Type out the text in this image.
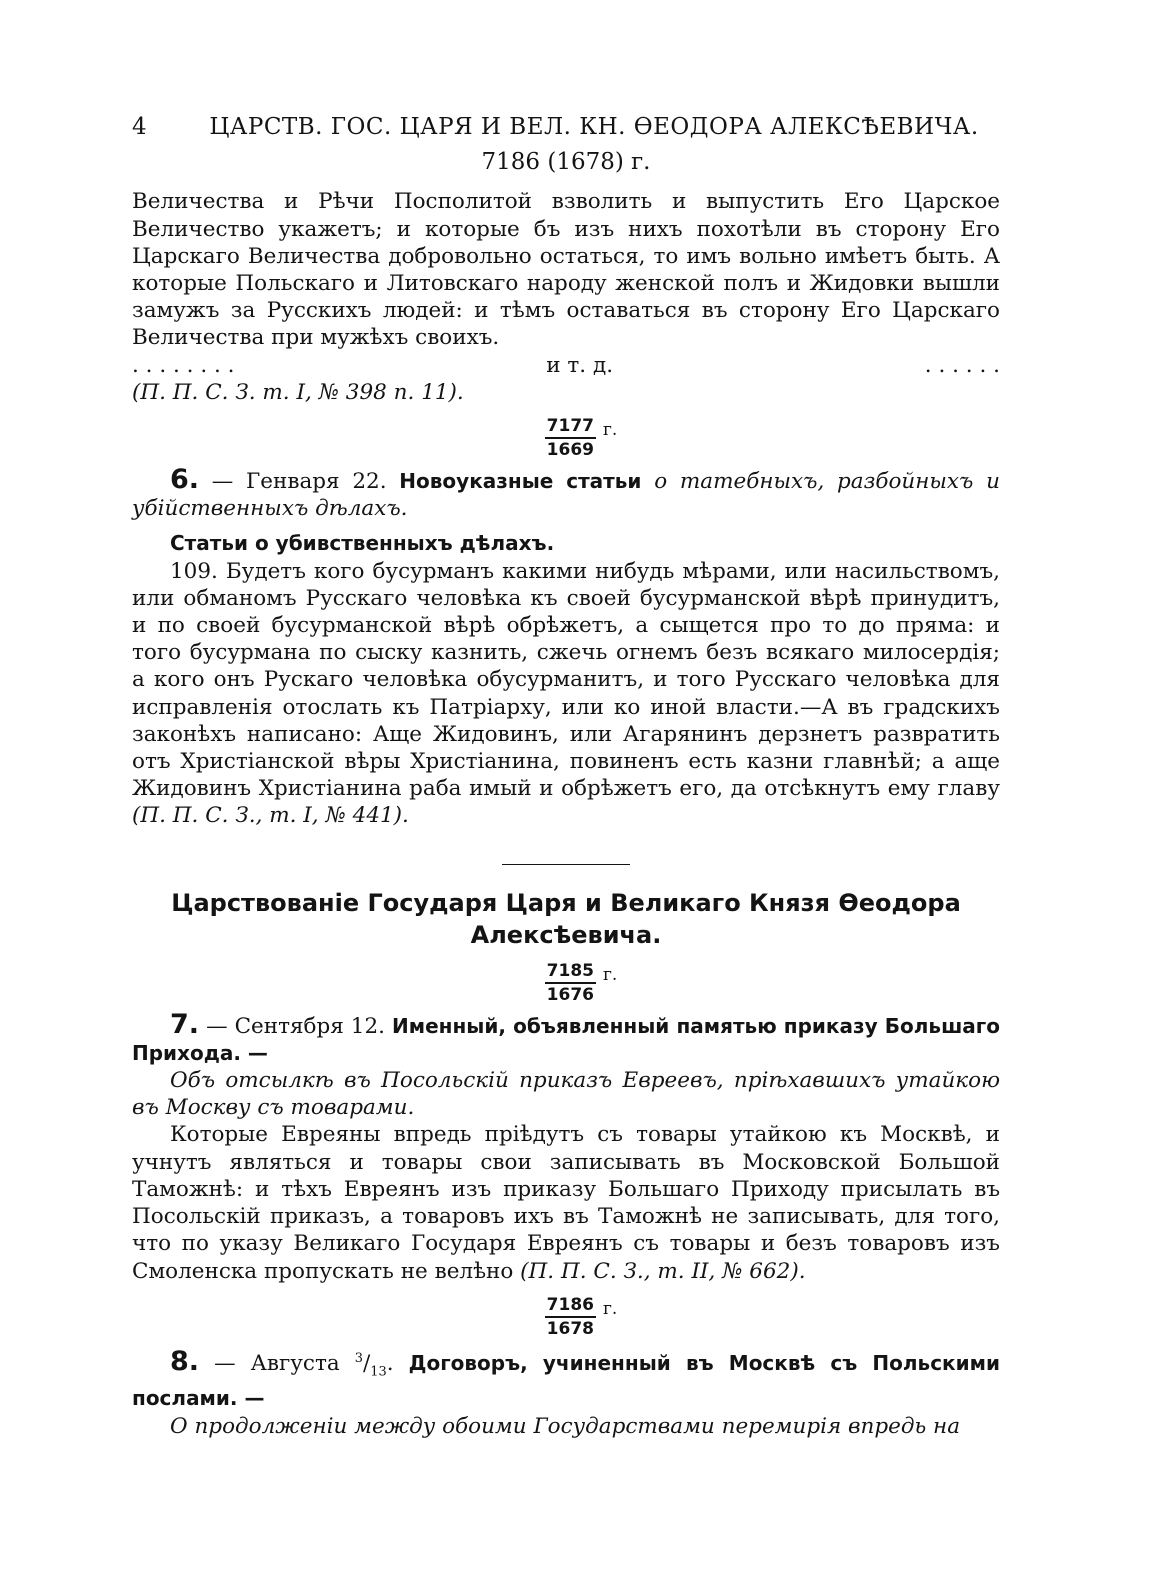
4	ЦАРСТВ. ГОС. ЦАРЯ И ВЕЛ. КН. ѲЕОДОРА АЛЕКСѢЕВИЧА.
7186 (1678) г.

Величества и Рѣчи Посполитой взволить и выпустить Его Царское Величество укажетъ; и которые бъ изъ нихъ похотѣли въ сторону Его Царскаго Величества добровольно остаться, то имъ вольно имѣетъ быть. А которые Польскаго и Литовскаго народу женской полъ и Жидовки вышли замужъ за Русскихъ людей: и тѣмъ оставаться въ сторону Его Царскаго Величества при мужѣхъ своихъ.

. . . . . . . .	и т. д.	. . . . . .

(П. П. С. З. т. I, № 398 п. 11).

$\frac{7177}{1669} г$.

6. — Генваря 22. Новоуказные статьи о татебныхъ, разбойныхъ и убійственныхъ дѣлахъ.

Статьи о убивственныхъ дѣлахъ.

109. Будетъ кого бусурманъ какими нибудь мѣрами, или насильствомъ, или обманомъ Русскаго человѣка къ своей бусурманской вѣрѣ принудитъ, и по своей бусурманской вѣрѣ обрѣжетъ, а сыщется про то до пряма: и того бусурмана по сыску казнить, сжечь огнемъ безъ всякаго милосердія; а кого онъ Рускаго человѣка обусурманитъ, и того Русскаго человѣка для исправленія отослать къ Патріарху, или ко иной власти.—А въ градскихъ законѣхъ написано: Аще Жидовинъ, или Агарянинъ дерзнетъ развратить отъ Христіанской вѣры Христіанина, повиненъ есть казни главнѣй; а аще Жидовинъ Христіанина раба имый и обрѣжетъ его, да отсѣкнутъ ему главу (П. П. С. З., т. I, № 441).

Царствованіе Государя Царя и Великаго Князя Ѳеодора Алексѣевича.
$\frac{7185}{1676} г$.

7. — Сентября 12. Именный, объявленный памятью приказу Большаго Прихода. —

Объ отсылкѣ въ Посольскій приказъ Евреевъ, пріѣхавшихъ утайкою въ Москву съ товарами.

Которые Евреяны впредь пріѣдутъ съ товары утайкою къ Москвѣ, и учнутъ являться и товары свои записывать въ Московской Большой Таможнѣ: и тѣхъ Евреянъ изъ приказу Большаго Приходу присылать въ Посольскій приказъ, а товаровъ ихъ въ Таможнѣ не записывать, для того, что по указу Великаго Государя Евреянъ съ товары и безъ товаровъ изъ Смоленска пропускать не велѣно (П. П. С. З., т. II, № 662).

$\frac{7186}{1678} г$.

8. — Августа $^3/_{13}$. Договоръ, учиненный въ Москвѣ съ Польскими послами. —

О продолженіи между обоими Государствами перемирія впредь на
